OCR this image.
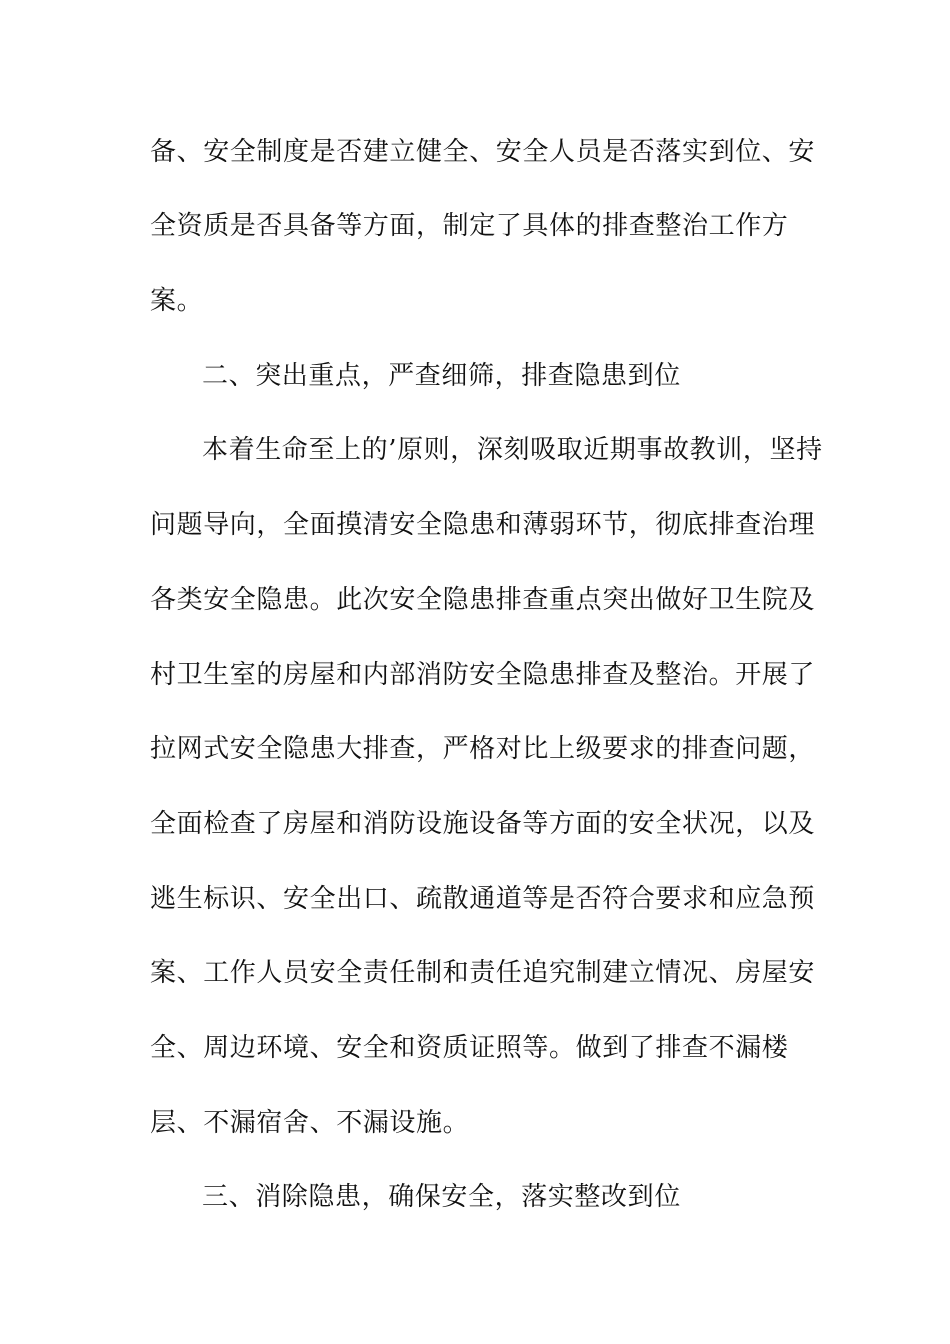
备、安全制度是否建立健全、安全人员是否落实到位、安
全资质是否具备等方面，制定了具体的排查整治工作方
案。
二、突出重点，严查细筛，排查隐患到位
本着生命至上的’原则，深刻吸取近期事故教训，坚持
问题导向，全面摸清安全隐患和薄弱环节，彻底排查治理
各类安全隐患。此次安全隐患排查重点突出做好卫生院及
村卫生室的房屋和内部消防安全隐患排查及整治。开展了
拉网式安全隐患大排查，严格对比上级要求的排查问题，
全面检查了房屋和消防设施设备等方面的安全状况，以及
逃生标识、安全出口、疏散通道等是否符合要求和应急预
案、工作人员安全责任制和责任追究制建立情况、房屋安
全、周边环境、安全和资质证照等。做到了排查不漏楼
层、不漏宿舍、不漏设施。
三、消除隐患，确保安全，落实整改到位
